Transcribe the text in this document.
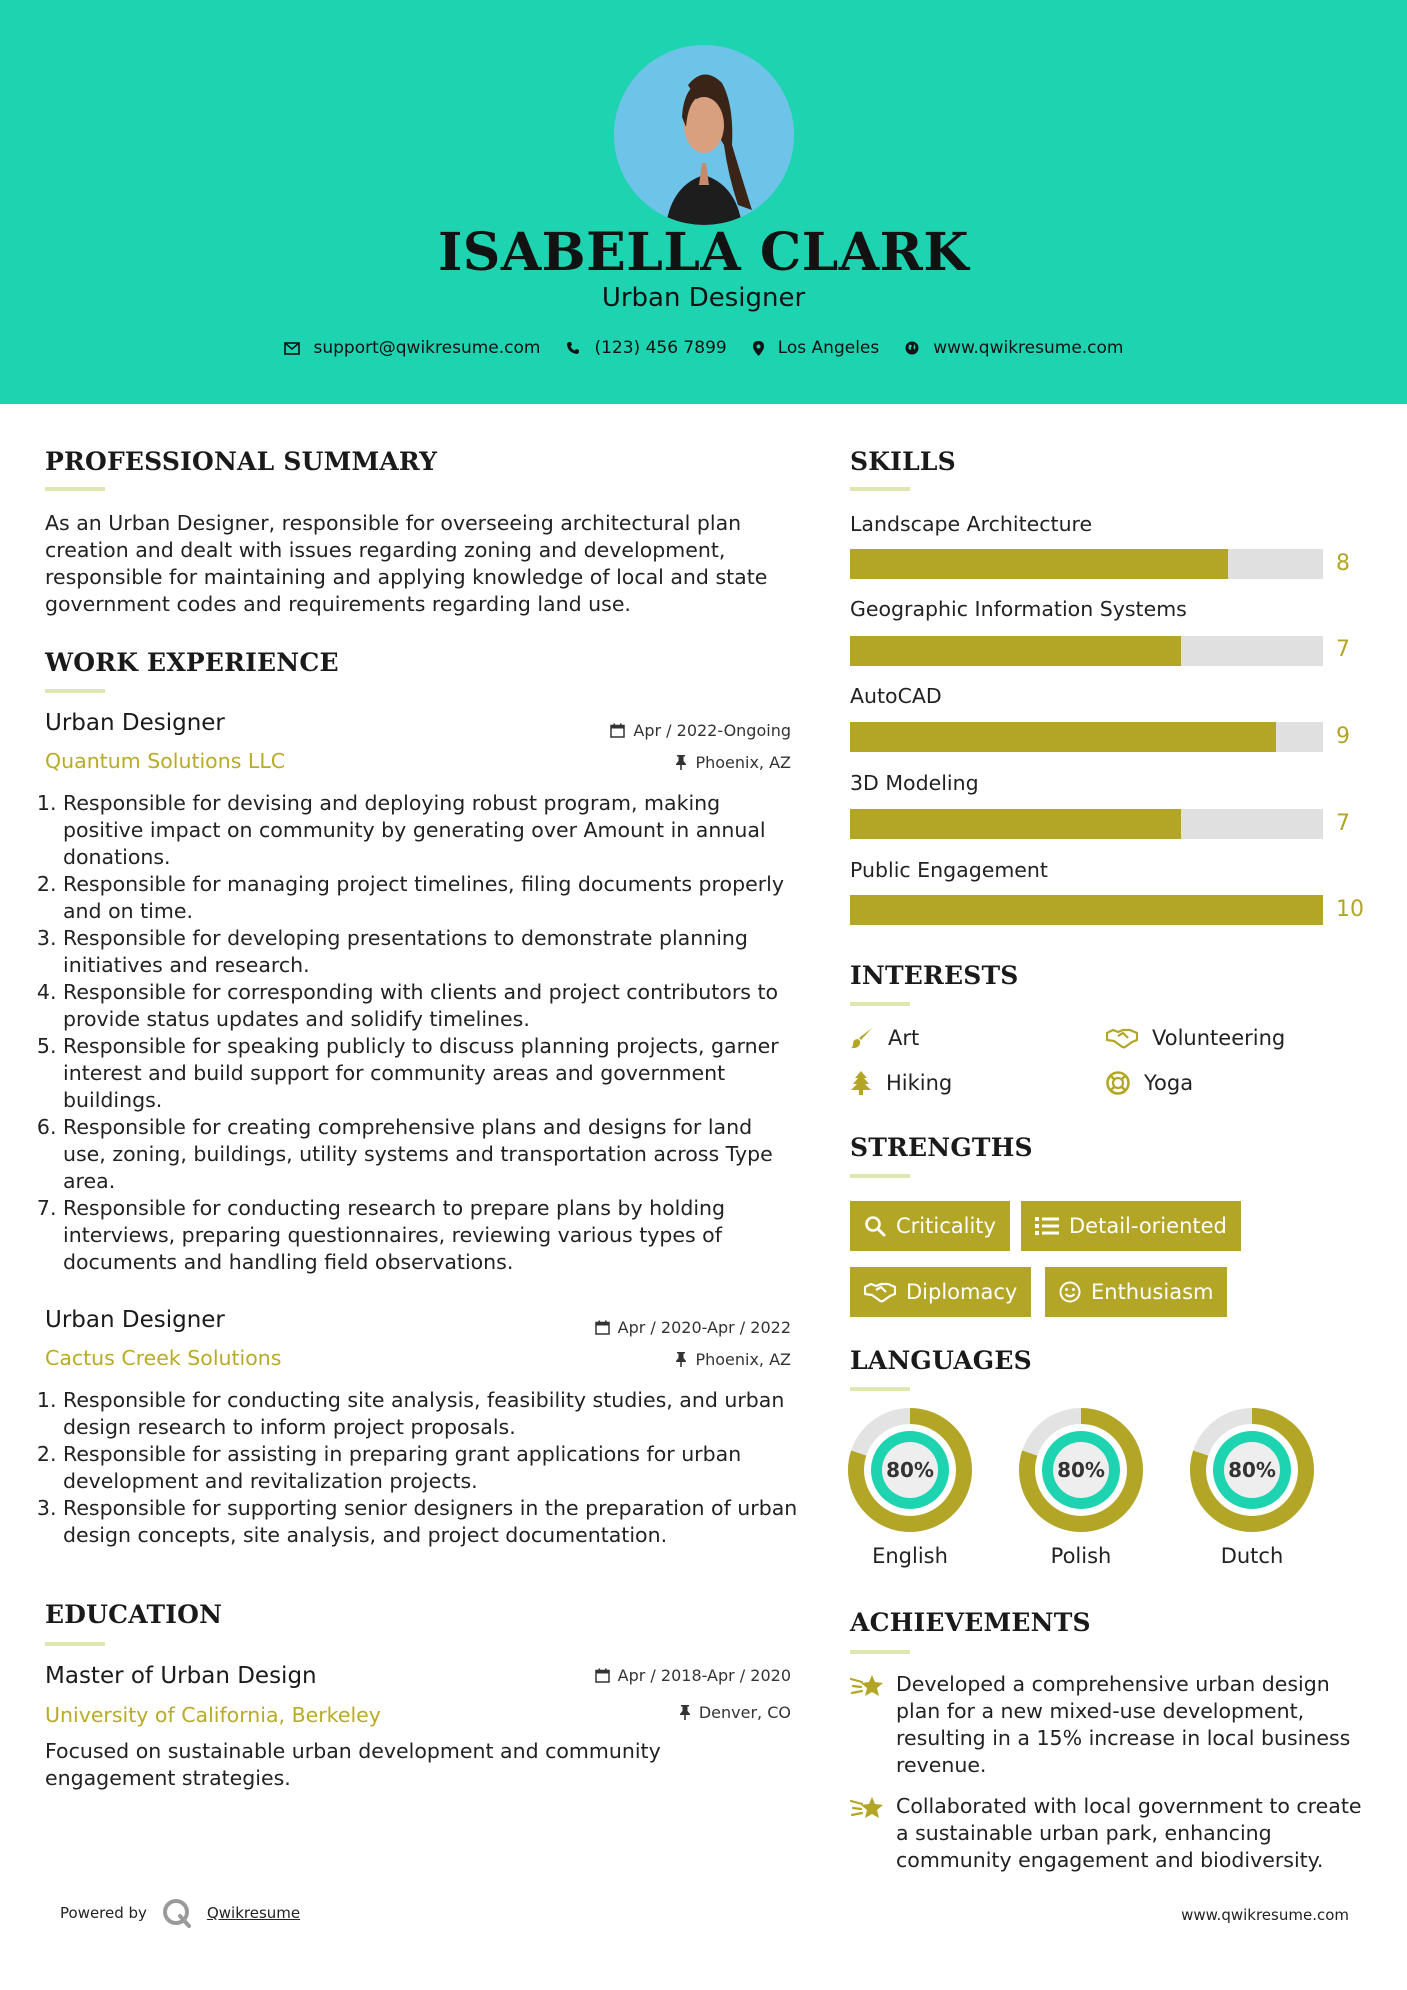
ISABELLA CLARK
Urban Designer
support@qwikresume.com	(123) 456 7899	Los Angeles	www.qwikresume.com
PROFESSIONAL SUMMARY
As an Urban Designer, responsible for overseeing architectural plan creation and dealt with issues regarding zoning and development, responsible for maintaining and applying knowledge of local and state government codes and requirements regarding land use.
WORK EXPERIENCE
Urban Designer	Apr / 2022-Ongoing
Quantum Solutions LLC	Phoenix, AZ
1. Responsible for devising and deploying robust program, making positive impact on community by generating over Amount in annual donations.
2. Responsible for managing project timelines, filing documents properly and on time.
3. Responsible for developing presentations to demonstrate planning initiatives and research.
4. Responsible for corresponding with clients and project contributors to provide status updates and solidify timelines.
5. Responsible for speaking publicly to discuss planning projects, garner interest and build support for community areas and government buildings.
6. Responsible for creating comprehensive plans and designs for land use, zoning, buildings, utility systems and transportation across Type area.
7. Responsible for conducting research to prepare plans by holding interviews, preparing questionnaires, reviewing various types of documents and handling field observations.
Urban Designer	Apr / 2020-Apr / 2022
Cactus Creek Solutions	Phoenix, AZ
1. Responsible for conducting site analysis, feasibility studies, and urban design research to inform project proposals.
2. Responsible for assisting in preparing grant applications for urban development and revitalization projects.
3. Responsible for supporting senior designers in the preparation of urban design concepts, site analysis, and project documentation.
EDUCATION
Master of Urban Design	Apr / 2018-Apr / 2020
University of California, Berkeley	Denver, CO
Focused on sustainable urban development and community engagement strategies.
SKILLS
Landscape Architecture
8
Geographic Information Systems
7
AutoCAD
9
3D Modeling
7
Public Engagement
10
INTERESTS
Art	Volunteering
Hiking	Yoga
STRENGTHS
Criticality	Detail-oriented
Diplomacy	Enthusiasm
LANGUAGES
80%
English
80%
Polish
80%
Dutch
ACHIEVEMENTS
Developed a comprehensive urban design plan for a new mixed-use development, resulting in a 15% increase in local business revenue.
Collaborated with local government to create a sustainable urban park, enhancing community engagement and biodiversity.
Powered by	Qwikresume	www.qwikresume.com
